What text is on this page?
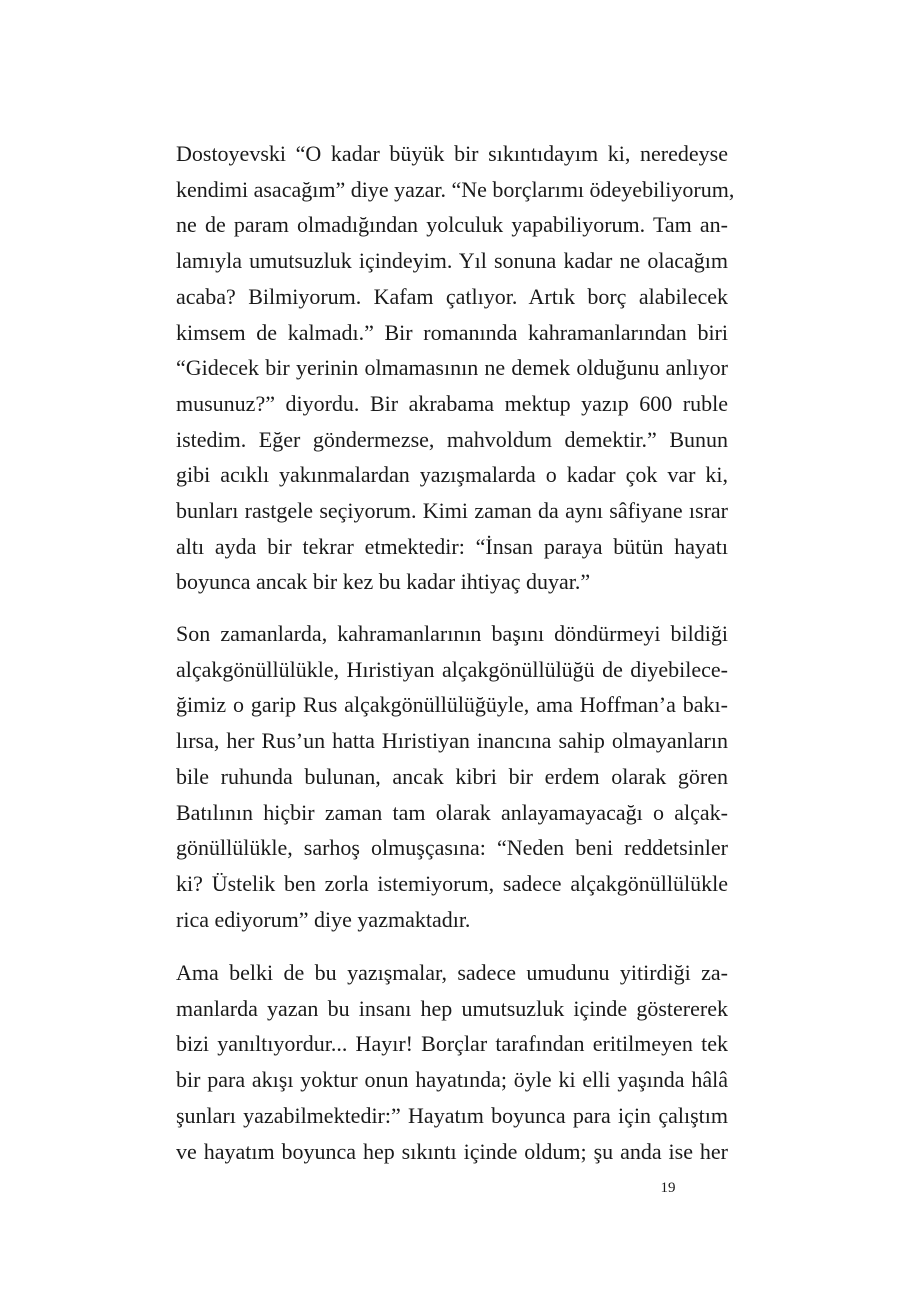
Dostoyevski “O kadar büyük bir sıkıntıdayım ki, neredeyse
kendimi asacağım” diye yazar. “Ne borçlarımı ödeyebiliyorum,
ne de param olmadığından yolculuk yapabiliyorum. Tam an-
lamıyla umutsuzluk içindeyim. Yıl sonuna kadar ne olacağım
acaba? Bilmiyorum. Kafam çatlıyor. Artık borç alabilecek
kimsem de kalmadı.” Bir romanında kahramanlarından biri
“Gidecek bir yerinin olmamasının ne demek olduğunu anlıyor
musunuz?” diyordu. Bir akrabama mektup yazıp 600 ruble
istedim. Eğer göndermezse, mahvoldum demektir.” Bunun
gibi acıklı yakınmalardan yazışmalarda o kadar çok var ki,
bunları rastgele seçiyorum. Kimi zaman da aynı sâfiyane ısrar
altı ayda bir tekrar etmektedir: “İnsan paraya bütün hayatı
boyunca ancak bir kez bu kadar ihtiyaç duyar.”
Son zamanlarda, kahramanlarının başını döndürmeyi bildiği
alçakgönüllülükle, Hıristiyan alçakgönüllülüğü de diyebilece-
ğimiz o garip Rus alçakgönüllülüğüyle, ama Hoffman’a bakı-
lırsa, her Rus’un hatta Hıristiyan inancına sahip olmayanların
bile ruhunda bulunan, ancak kibri bir erdem olarak gören
Batılının hiçbir zaman tam olarak anlayamayacağı o alçak-
gönüllülükle, sarhoş olmuşçasına: “Neden beni reddetsinler
ki? Üstelik ben zorla istemiyorum, sadece alçakgönüllülükle
rica ediyorum” diye yazmaktadır.
Ama belki de bu yazışmalar, sadece umudunu yitirdiği za-
manlarda yazan bu insanı hep umutsuzluk içinde göstererek
bizi yanıltıyordur... Hayır! Borçlar tarafından eritilmeyen tek
bir para akışı yoktur onun hayatında; öyle ki elli yaşında hâlâ
şunları yazabilmektedir:” Hayatım boyunca para için çalıştım
ve hayatım boyunca hep sıkıntı içinde oldum; şu anda ise her
19
